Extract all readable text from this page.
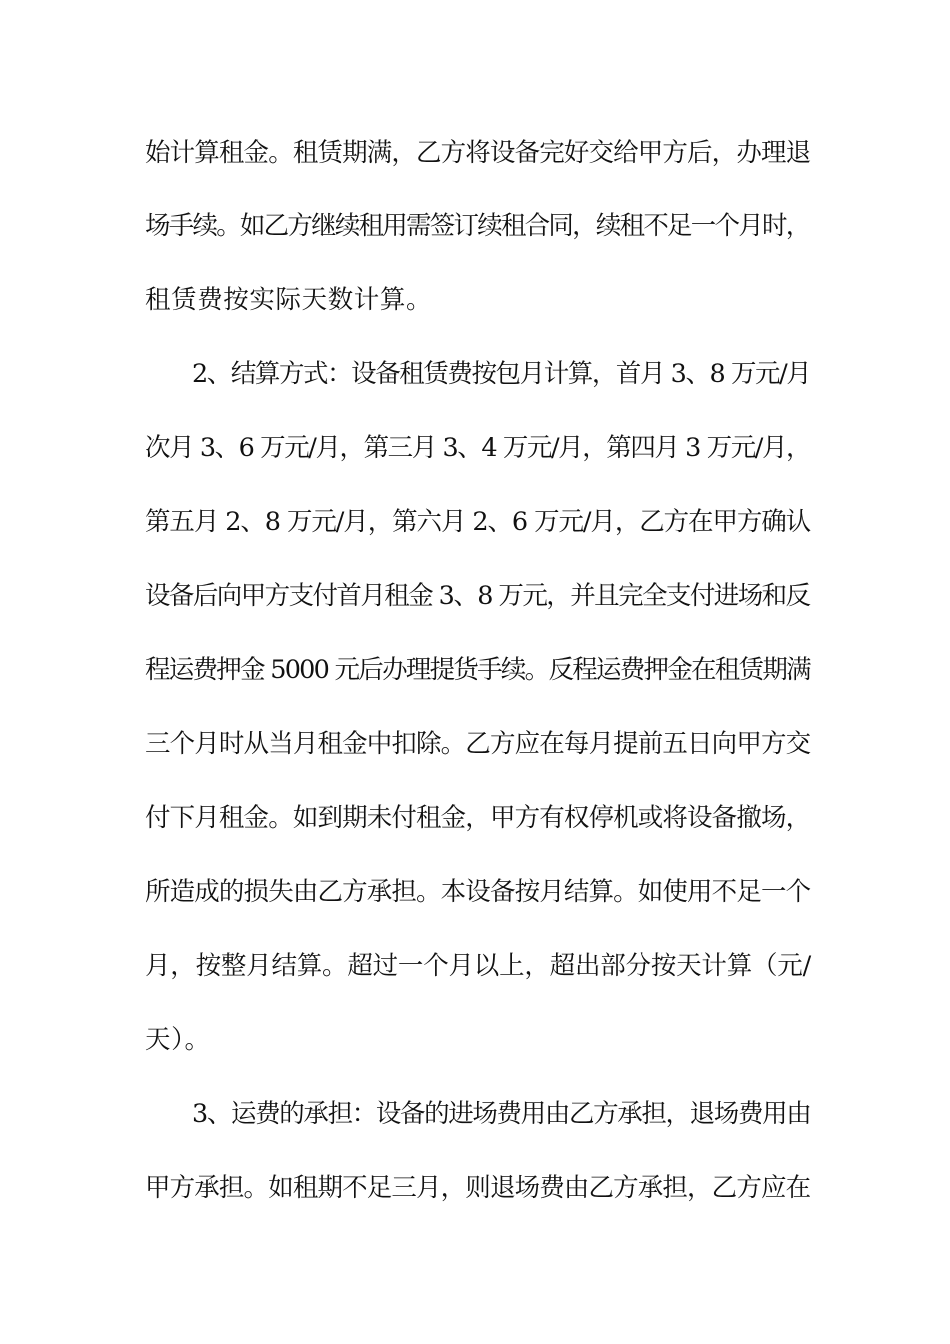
始计算租金。租赁期满，乙方将设备完好交给甲方后，办理退
场手续。如乙方继续租用需签订续租合同，续租不足一个月时，
租赁费按实际天数计算。
2、结算方式：设备租赁费按包月计算，首月 3、8 万元/月
次月 3、6 万元/月，第三月 3、4 万元/月，第四月 3 万元/月，
第五月 2、8 万元/月，第六月 2、6 万元/月，乙方在甲方确认
设备后向甲方支付首月租金 3、8 万元，并且完全支付进场和反
程运费押金 5000 元后办理提货手续。反程运费押金在租赁期满
三个月时从当月租金中扣除。乙方应在每月提前五日向甲方交
付下月租金。如到期未付租金，甲方有权停机或将设备撤场，
所造成的损失由乙方承担。本设备按月结算。如使用不足一个
月，按整月结算。超过一个月以上，超出部分按天计算（元/
天）。
3、运费的承担：设备的进场费用由乙方承担，退场费用由
甲方承担。如租期不足三月，则退场费由乙方承担，乙方应在
